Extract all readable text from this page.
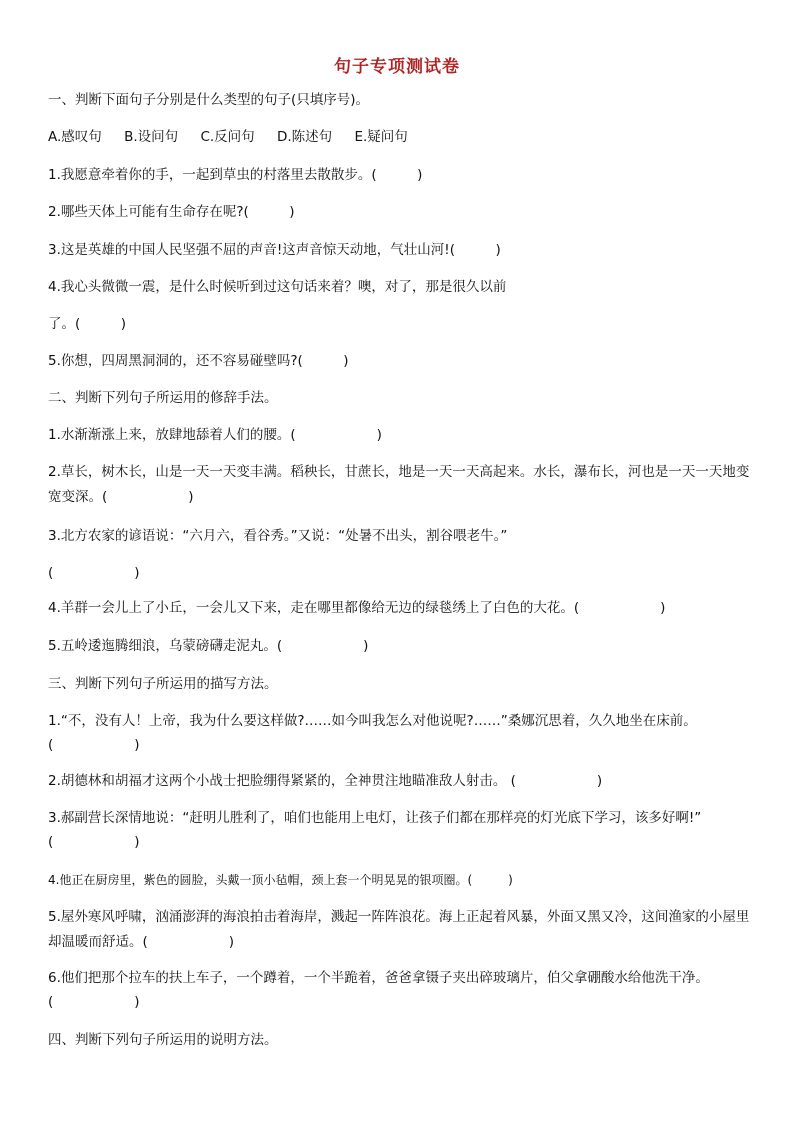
句子专项测试卷
一、判断下面句子分别是什么类型的句子(只填序号)。
A.感叹句 B.设问句 C.反问句 D.陈述句 E.疑问句
1.我愿意牵着你的手，一起到草虫的村落里去散散步。(　　　)
2.哪些天体上可能有生命存在呢?(　　　)
3.这是英雄的中国人民坚强不屈的声音!这声音惊天动地，气壮山河!(　　　)
4.我心头微微一震，是什么时候听到过这句话来着？噢，对了，那是很久以前
了。(　　　)
5.你想，四周黑洞洞的，还不容易碰壁吗?(　　　)
二、判断下列句子所运用的修辞手法。
1.水渐渐涨上来，放肆地舔着人们的腰。(　　　　　　)
2.草长，树木长，山是一天一天变丰满。稻秧长，甘蔗长，地是一天一天高起来。水长，瀑布长，河也是一天一天地变宽变深。(　　　　　　)
3.北方农家的谚语说：“六月六，看谷秀。”又说：“处暑不出头，割谷喂老牛。”
(　　　　　　)
4.羊群一会儿上了小丘，一会儿又下来，走在哪里都像给无边的绿毯绣上了白色的大花。(　　　　　　)
5.五岭逶迤腾细浪，乌蒙磅礴走泥丸。(　　　　　　)
三、判断下列句子所运用的描写方法。
1.“不，没有人！上帝，我为什么要这样做?……如今叫我怎么对他说呢?……”桑娜沉思着，久久地坐在床前。
(　　　　　　)
2.胡德林和胡福才这两个小战士把脸绷得紧紧的，全神贯注地瞄准敌人射击。 (　　　　　　)
3.郝副营长深情地说：“赶明儿胜利了，咱们也能用上电灯，让孩子们都在那样亮的灯光底下学习，该多好啊!”
(　　　　　　)
4.他正在厨房里，紫色的圆脸，头戴一顶小毡帽，颈上套一个明晃晃的银项圈。(　　　)
5.屋外寒风呼啸，汹涌澎湃的海浪拍击着海岸，溅起一阵阵浪花。海上正起着风暴，外面又黑又冷，这间渔家的小屋里却温暖而舒适。(　　　　　　)
6.他们把那个拉车的扶上车子，一个蹲着，一个半跪着，爸爸拿镊子夹出碎玻璃片，伯父拿硼酸水给他洗干净。
(　　　　　　)
四、判断下列句子所运用的说明方法。
